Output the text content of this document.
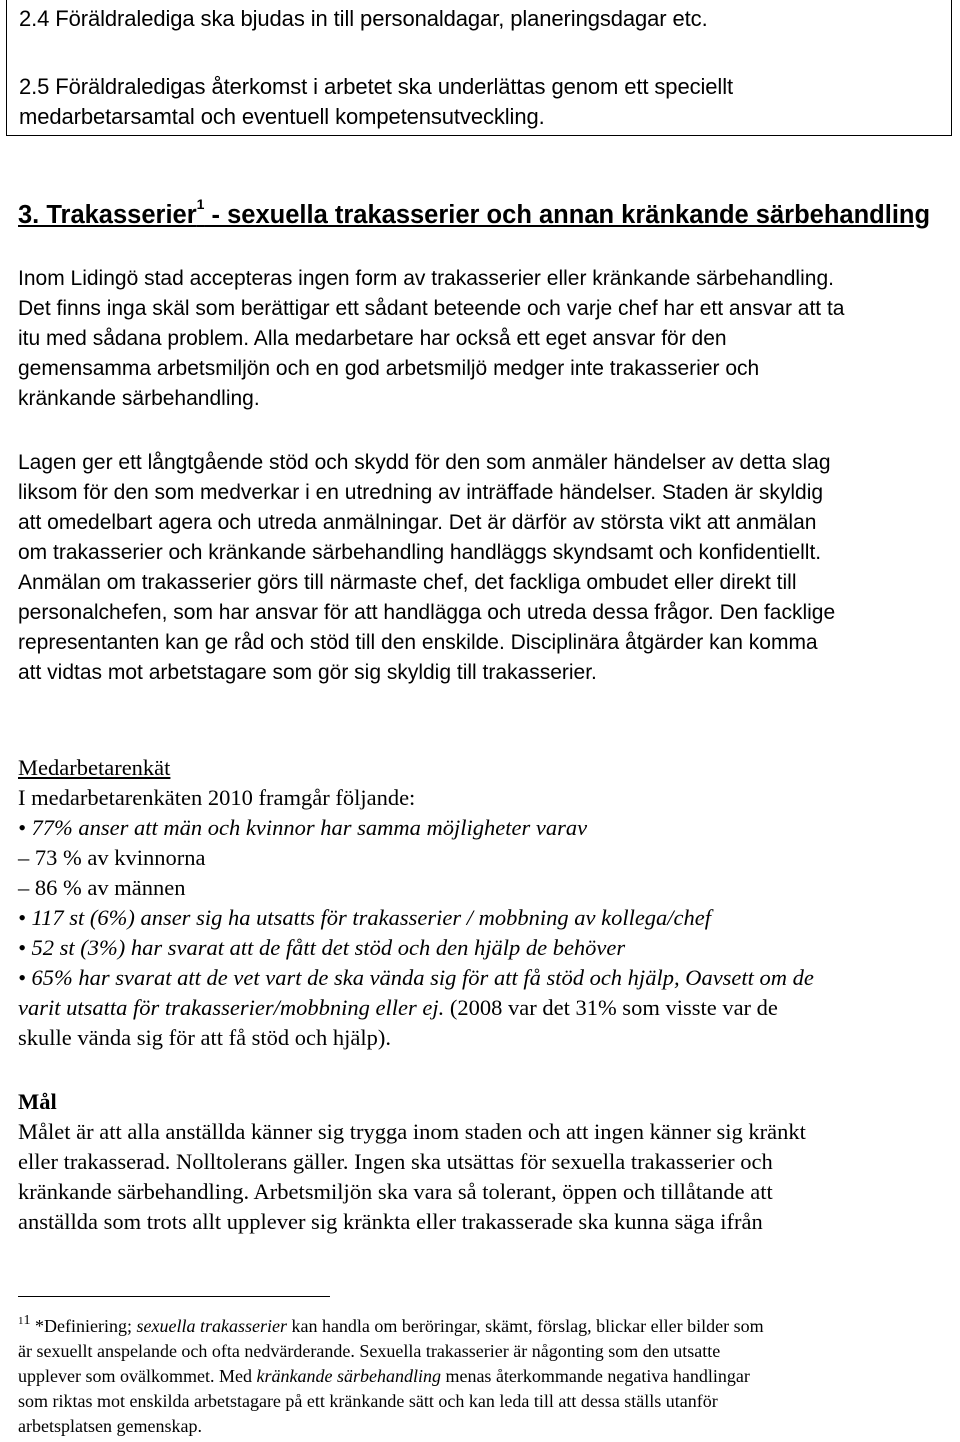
2.4 Föräldralediga ska bjudas in till personaldagar, planeringsdagar etc.

2.5 Föräldraledigas återkomst i arbetet ska underlättas genom ett speciellt

medarbetarsamtal och eventuell kompetensutveckling.

3. Trakasserier$^1$ - sexuella trakasserier och annan kränkande särbehandling
Inom Lidingö stad accepteras ingen form av trakasserier eller kränkande särbehandling.
Det finns inga skäl som berättigar ett sådant beteende och varje chef har ett ansvar att ta
itu med sådana problem. Alla medarbetare har också ett eget ansvar för den
gemensamma arbetsmiljön och en god arbetsmiljö medger inte trakasserier och
kränkande särbehandling.
Lagen ger ett långtgående stöd och skydd för den som anmäler händelser av detta slag
liksom för den som medverkar i en utredning av inträffade händelser. Staden är skyldig
att omedelbart agera och utreda anmälningar. Det är därför av största vikt att anmälan
om trakasserier och kränkande särbehandling handläggs skyndsamt och konfidentiellt.
Anmälan om trakasserier görs till närmaste chef, det fackliga ombudet eller direkt till
personalchefen, som har ansvar för att handlägga och utreda dessa frågor. Den facklige
representanten kan ge råd och stöd till den enskilde. Disciplinära åtgärder kan komma
att vidtas mot arbetstagare som gör sig skyldig till trakasserier.
Medarbetarenkät
I medarbetarenkäten 2010 framgår följande:
• 77% anser att män och kvinnor har samma möjligheter varav
– 73 % av kvinnorna
– 86 % av männen
• 117 st (6%) anser sig ha utsatts för trakasserier / mobbning av kollega/chef
• 52 st (3%) har svarat att de fått det stöd och den hjälp de behöver
• 65% har svarat att de vet vart de ska vända sig för att få stöd och hjälp, Oavsett om de
varit utsatta för trakasserier/mobbning eller ej. (2008 var det 31% som visste var de
skulle vända sig för att få stöd och hjälp).
Mål
Målet är att alla anställda känner sig trygga inom staden och att ingen känner sig kränkt
eller trakasserad. Nolltolerans gäller. Ingen ska utsättas för sexuella trakasserier och
kränkande särbehandling. Arbetsmiljön ska vara så tolerant, öppen och tillåtande att
anställda som trots allt upplever sig kränkta eller trakasserade ska kunna säga ifrån
$^{11}$ *Definiering; sexuella trakasserier kan handla om beröringar, skämt, förslag, blickar eller bilder som
är sexuellt anspelande och ofta nedvärderande. Sexuella trakasserier är någonting som den utsatte
upplever som ovälkommet. Med kränkande särbehandling menas återkommande negativa handlingar
som riktas mot enskilda arbetstagare på ett kränkande sätt och kan leda till att dessa ställs utanför
arbetsplatsen gemenskap.
